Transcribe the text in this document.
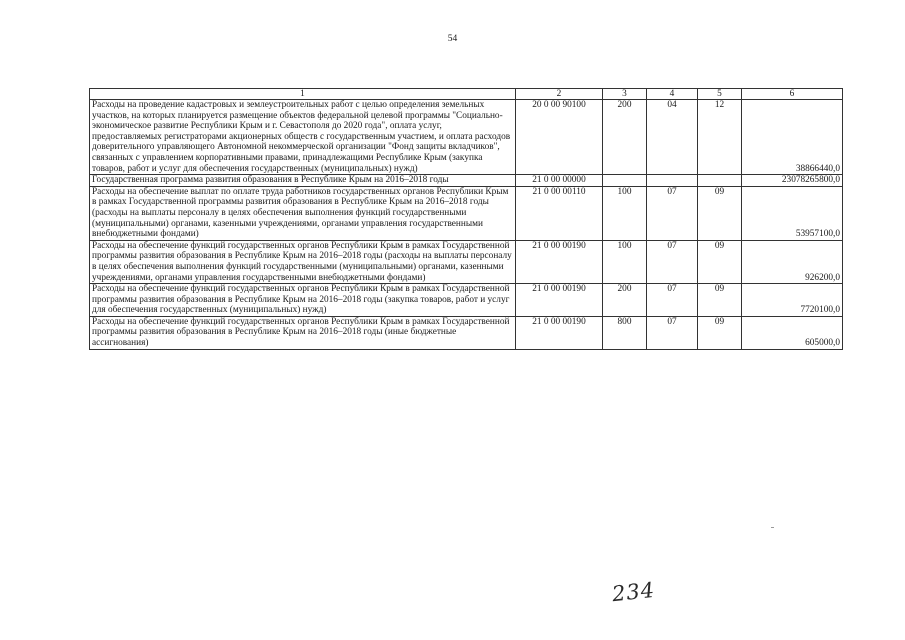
54
1	2	3	4	5	6
Расходы на проведение кадастровых и землеустроительных работ с целью определения земельных участков, на которых планируется размещение объектов федеральной целевой программы "Социально-экономическое развитие Республики Крым и г. Севастополя до 2020 года", оплата услуг, предоставляемых регистраторами акционерных обществ с государственным участием, и оплата расходов доверительного управляющего Автономной некоммерческой организации "Фонд защиты вкладчиков", связанных с управлением корпоративными правами, принадлежащими Республике Крым (закупка товаров, работ и услуг для обеспечения государственных (муниципальных) нужд)	20 0 00 90100	200	04	12	38866440,0
Государственная программа развития образования в Республике Крым на 2016–2018 годы	21 0 00 00000				23078265800,0
Расходы на обеспечение выплат по оплате труда работников государственных органов Республики Крым в рамках Государственной программы развития образования в Республике Крым на 2016–2018 годы (расходы на выплаты персоналу в целях обеспечения выполнения функций государственными (муниципальными) органами, казенными учреждениями, органами управления государственными внебюджетными фондами)	21 0 00 00110	100	07	09	53957100,0
Расходы на обеспечение функций государственных органов Республики Крым в рамках Государственной программы развития образования в Республике Крым на 2016–2018 годы (расходы на выплаты персоналу в целях обеспечения выполнения функций государственными (муниципальными) органами, казенными учреждениями, органами управления государственными внебюджетными фондами)	21 0 00 00190	100	07	09	926200,0
Расходы на обеспечение функций государственных органов Республики Крым в рамках Государственной программы развития образования в Республике Крым на 2016–2018 годы (закупка товаров, работ и услуг для обеспечения государственных (муниципальных) нужд)	21 0 00 00190	200	07	09	7720100,0
Расходы на обеспечение функций государственных органов Республики Крым в рамках Государственной программы развития образования в Республике Крым на 2016–2018 годы (иные бюджетные ассигнования)	21 0 00 00190	800	07	09	605000,0
234
